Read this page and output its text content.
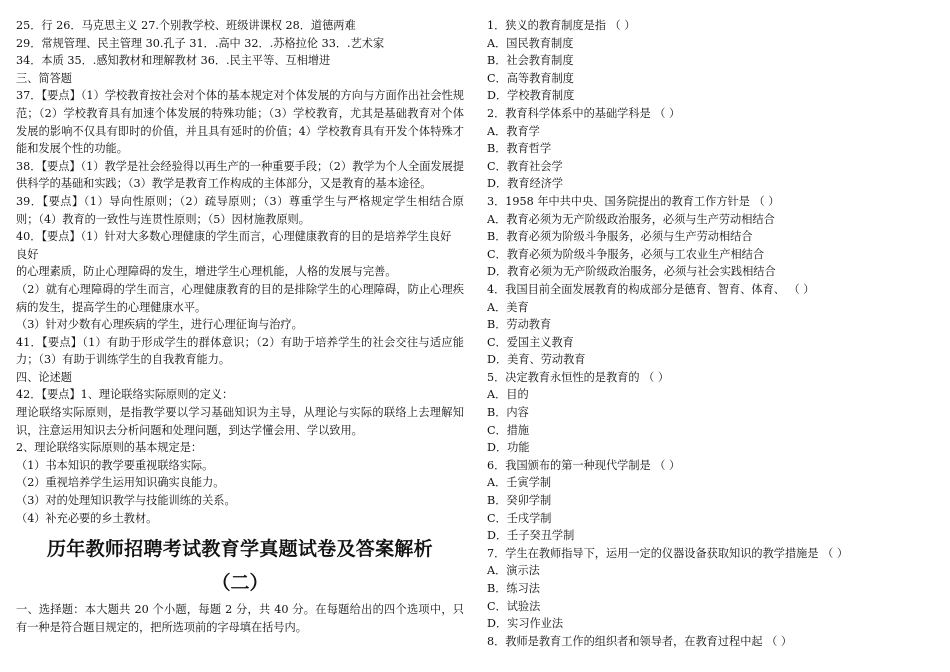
25．行 26．马克思主义 27.个别教学校、班级讲课权 28．道德两难
29．常规管理、民主管理 30.孔子 31．.高中 32．.苏格拉伦 33．.艺术家
34．本质 35．.感知教材和理解教材 36．.民主平等、互相增进
三、简答题
37．【要点】（1）学校教育按社会对个体的基本规定对个体发展的方向与方面作出社会性规范；（2）学校教育具有加速个体发展的特殊功能；（3）学校教育，尤其是基础教育对个体发展的影响不仅具有即时的价值，并且具有延时的价值；4）学校教育具有开发个体特殊才能和发展个性的功能。
38．【要点】（1）教学是社会经验得以再生产的一种重要手段；（2）教学为个人全面发展提供科学的基础和实践；（3）教学是教育工作构成的主体部分，又是教育的基本途径。
39．【要点】（1）导向性原则；（2）疏导原则；（3）尊重学生与严格规定学生相结合原则；（4）教育的一致性与连贯性原则；（5）因材施教原则。
40．【要点】（1）针对大多数心理健康的学生而言，心理健康教育的目的是培养学生良好
良好
的心理素质，防止心理障碍的发生，增进学生心理机能，人格的发展与完善。
（2）就有心理障碍的学生而言，心理健康教育的目的是排除学生的心理障碍，防止心理疾病的发生，提高学生的心理健康水平。
（3）针对少数有心理疾病的学生，进行心理征询与治疗。
41．【要点】（1）有助于形成学生的群体意识；（2）有助于培养学生的社会交往与适应能力；（3）有助于训练学生的自我教育能力。
四、论述题
42．【要点】1、理论联络实际原则的定义：
理论联络实际原则，是指教学要以学习基础知识为主导，从理论与实际的联络上去理解知识，注意运用知识去分析问题和处理问题，到达学懂会用、学以致用。
2、理论联络实际原则的基本规定是：
（1）书本知识的教学要重视联络实际。
（2）重视培养学生运用知识确实良能力。
（3）对的处理知识教学与技能训练的关系。
（4）补充必要的乡土教材。
历年教师招聘考试教育学真题试卷及答案解析
（二）
一、选择题：本大题共 20 个小题，每题 2 分，共 40 分。在每题给出的四个选项中，只有一种是符合题目规定的，把所选项前的字母填在括号内。
1．狭义的教育制度是指 （ ）
A．国民教育制度
B．社会教育制度
C．高等教育制度
D．学校教育制度
2．教育科学体系中的基础学科是 （ ）
A．教育学
B．教育哲学
C．教育社会学
D．教育经济学
3．1958 年中共中央、国务院提出的教育工作方针是 （ ）
A．教育必须为无产阶级政治服务，必须与生产劳动相结合
B．教育必须为阶级斗争服务，必须与生产劳动相结合
C．教育必须为阶级斗争服务，必须与工农业生产相结合
D．教育必须为无产阶级政治服务，必须与社会实践相结合
4．我国目前全面发展教育的构成部分是德育、智育、体育、 （ ）
A．美育
B．劳动教育
C．爱国主义教育
D．美育、劳动教育
5．决定教育永恒性的是教育的 （ ）
A．目的
B．内容
C．措施
D．功能
6．我国颁布的第一种现代学制是 （ ）
A．壬寅学制
B．癸卯学制
C．壬戌学制
D．壬子癸丑学制
7．学生在教师指导下，运用一定的仪器设备获取知识的教学措施是 （ ）
A．演示法
B．练习法
C．试验法
D．实习作业法
8．教师是教育工作的组织者和领导者，在教育过程中起 （ ）
